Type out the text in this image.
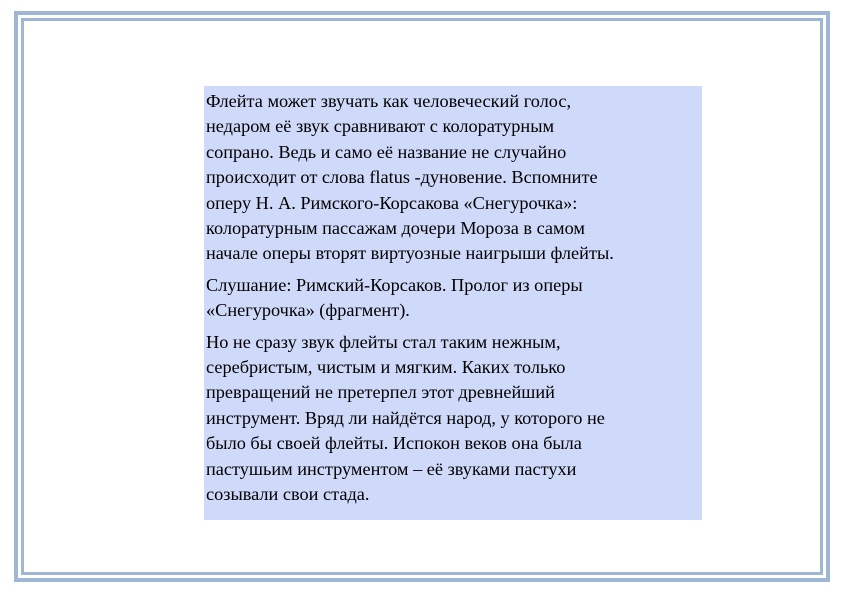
Флейта может звучать как человеческий голос,
недаром её звук сравнивают с колоратурным
сопрано. Ведь и само её название не случайно
происходит от слова flatus -дуновение. Вспомните
оперу Н. А. Римского-Корсакова «Снегурочка»:
колоратурным пассажам дочери Мороза в самом
начале оперы вторят виртуозные наигрыши флейты.
Слушание: Римский-Корсаков. Пролог из оперы
«Снегурочка» (фрагмент).
Но не сразу звук флейты стал таким нежным,
серебристым, чистым и мягким. Каких только
превращений не претерпел этот древнейший
инструмент. Вряд ли найдётся народ, у которого не
было бы своей флейты. Испокон веков она была
пастушьим инструментом – её звуками пастухи
созывали свои стада.
